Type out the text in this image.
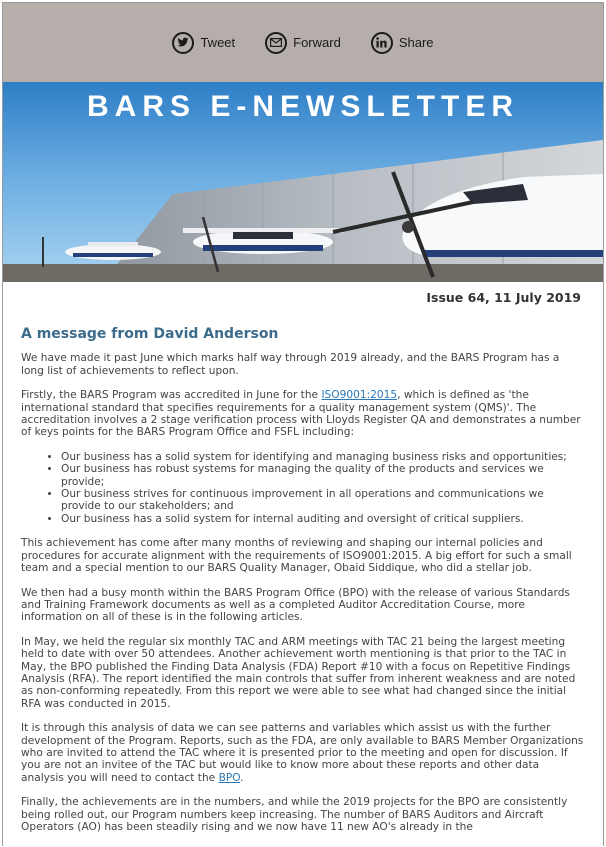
Tweet	Forward	Share
BARS E-NEWSLETTER
Issue 64, 11 July 2019
A message from David Anderson

We have made it past June which marks half way through 2019 already, and the BARS Program has a long list of achievements to reflect upon.

Firstly, the BARS Program was accredited in June for the ISO9001:2015, which is defined as 'the international standard that specifies requirements for a quality management system (QMS)'. The accreditation involves a 2 stage verification process with Lloyds Register QA and demonstrates a number of keys points for the BARS Program Office and FSFL including:

• Our business has a solid system for identifying and managing business risks and opportunities;
• Our business has robust systems for managing the quality of the products and services we provide;
• Our business strives for continuous improvement in all operations and communications we provide to our stakeholders; and
• Our business has a solid system for internal auditing and oversight of critical suppliers.

This achievement has come after many months of reviewing and shaping our internal policies and procedures for accurate alignment with the requirements of ISO9001:2015. A big effort for such a small team and a special mention to our BARS Quality Manager, Obaid Siddique, who did a stellar job.

We then had a busy month within the BARS Program Office (BPO) with the release of various Standards and Training Framework documents as well as a completed Auditor Accreditation Course, more information on all of these is in the following articles.

In May, we held the regular six monthly TAC and ARM meetings with TAC 21 being the largest meeting held to date with over 50 attendees. Another achievement worth mentioning is that prior to the TAC in May, the BPO published the Finding Data Analysis (FDA) Report #10 with a focus on Repetitive Findings Analysis (RFA). The report identified the main controls that suffer from inherent weakness and are noted as non-conforming repeatedly. From this report we were able to see what had changed since the initial RFA was conducted in 2015.

It is through this analysis of data we can see patterns and variables which assist us with the further development of the Program. Reports, such as the FDA, are only available to BARS Member Organizations who are invited to attend the TAC where it is presented prior to the meeting and open for discussion. If you are not an invitee of the TAC but would like to know more about these reports and other data analysis you will need to contact the BPO.

Finally, the achievements are in the numbers, and while the 2019 projects for the BPO are consistently being rolled out, our Program numbers keep increasing. The number of BARS Auditors and Aircraft Operators (AO) has been steadily rising and we now have 11 new AO's already in the
